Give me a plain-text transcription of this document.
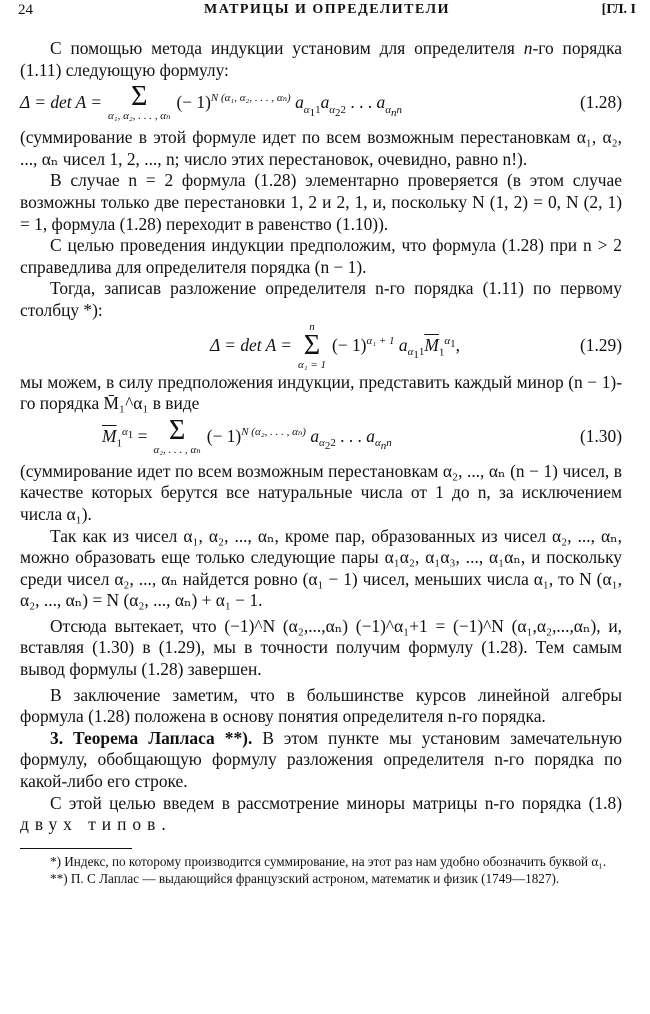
24	МАТРИЦЫ И ОПРЕДЕЛИТЕЛИ	[ГЛ. I

С помощью метода индукции установим для определителя n-го порядка (1.11) следующую формулу:

Δ = det A = Σ
α₁, α₂, . . . , αₙ
(− 1)$^{N (\alpha_1, \alpha_2, . . . , \alpha_n)}$ $a_{\alpha_11}a_{\alpha_22}$ . . . $a_{\alpha_nn}$	(1.28)

(суммирование в этой формуле идет по всем возможным перестановкам α₁, α₂, ..., αₙ чисел 1, 2, ..., n; число этих перестановок, очевидно, равно n!).

В случае n = 2 формула (1.28) элементарно проверяется (в этом случае возможны только две перестановки 1, 2 и 2, 1, и, поскольку N (1, 2) = 0, N (2, 1) = 1, формула (1.28) переходит в равенство (1.10)).

С целью проведения индукции предположим, что формула (1.28) при n > 2 справедлива для определителя порядка (n − 1).

Тогда, записав разложение определителя n-го порядка (1.11) по первому столбцу *):

Δ = det A =
n
Σ
α₁ = 1
(− 1)$^{\alpha_1 + 1}$ $a_{\alpha_11}\overline{M}_1^{\alpha_1}$,	(1.29)

мы можем, в силу предположения индукции, представить каждый минор (n − 1)-го порядка M̄₁^α₁ в виде

$\overline{M}_1^{\alpha_1} = \Sigma$
α₂, . . . , αₙ
(− 1)$^{N (\alpha_2, . . . , \alpha_n)}$ $a_{\alpha_22}$ . . . $a_{\alpha_nn}$	(1.30)

(суммирование идет по всем возможным перестановкам α₂, ..., αₙ (n − 1) чисел, в качестве которых берутся все натуральные числа от 1 до n, за исключением числа α₁).

Так как из чисел α₁, α₂, ..., αₙ, кроме пар, образованных из чисел α₂, ..., αₙ, можно образовать еще только следующие пары α₁α₂, α₁α₃, ..., α₁αₙ, и поскольку среди чисел α₂, ..., αₙ найдется ровно (α₁ − 1) чисел, меньших числа α₁, то N (α₁, α₂, ..., αₙ) = N (α₂, ..., αₙ) + α₁ − 1.

Отсюда вытекает, что (−1)^N (α₂,...,αₙ) (−1)^α₁+1 = (−1)^N (α₁,α₂,...,αₙ), и, вставляя (1.30) в (1.29), мы в точности получим формулу (1.28). Тем самым вывод формулы (1.28) завершен.

В заключение заметим, что в большинстве курсов линейной алгебры формула (1.28) положена в основу понятия определителя n-го порядка.

3. Теорема Лапласа **). В этом пункте мы установим замечательную формулу, обобщающую формулу разложения определителя n-го порядка по какой-либо его строке.

С этой целью введем в рассмотрение миноры матрицы n-го порядка (1.8) двух типов.

*) Индекс, по которому производится суммирование, на этот раз нам удобно обозначить буквой α₁.

**) П. С Лаплас — выдающийся французский астроном, математик и физик (1749—1827).
